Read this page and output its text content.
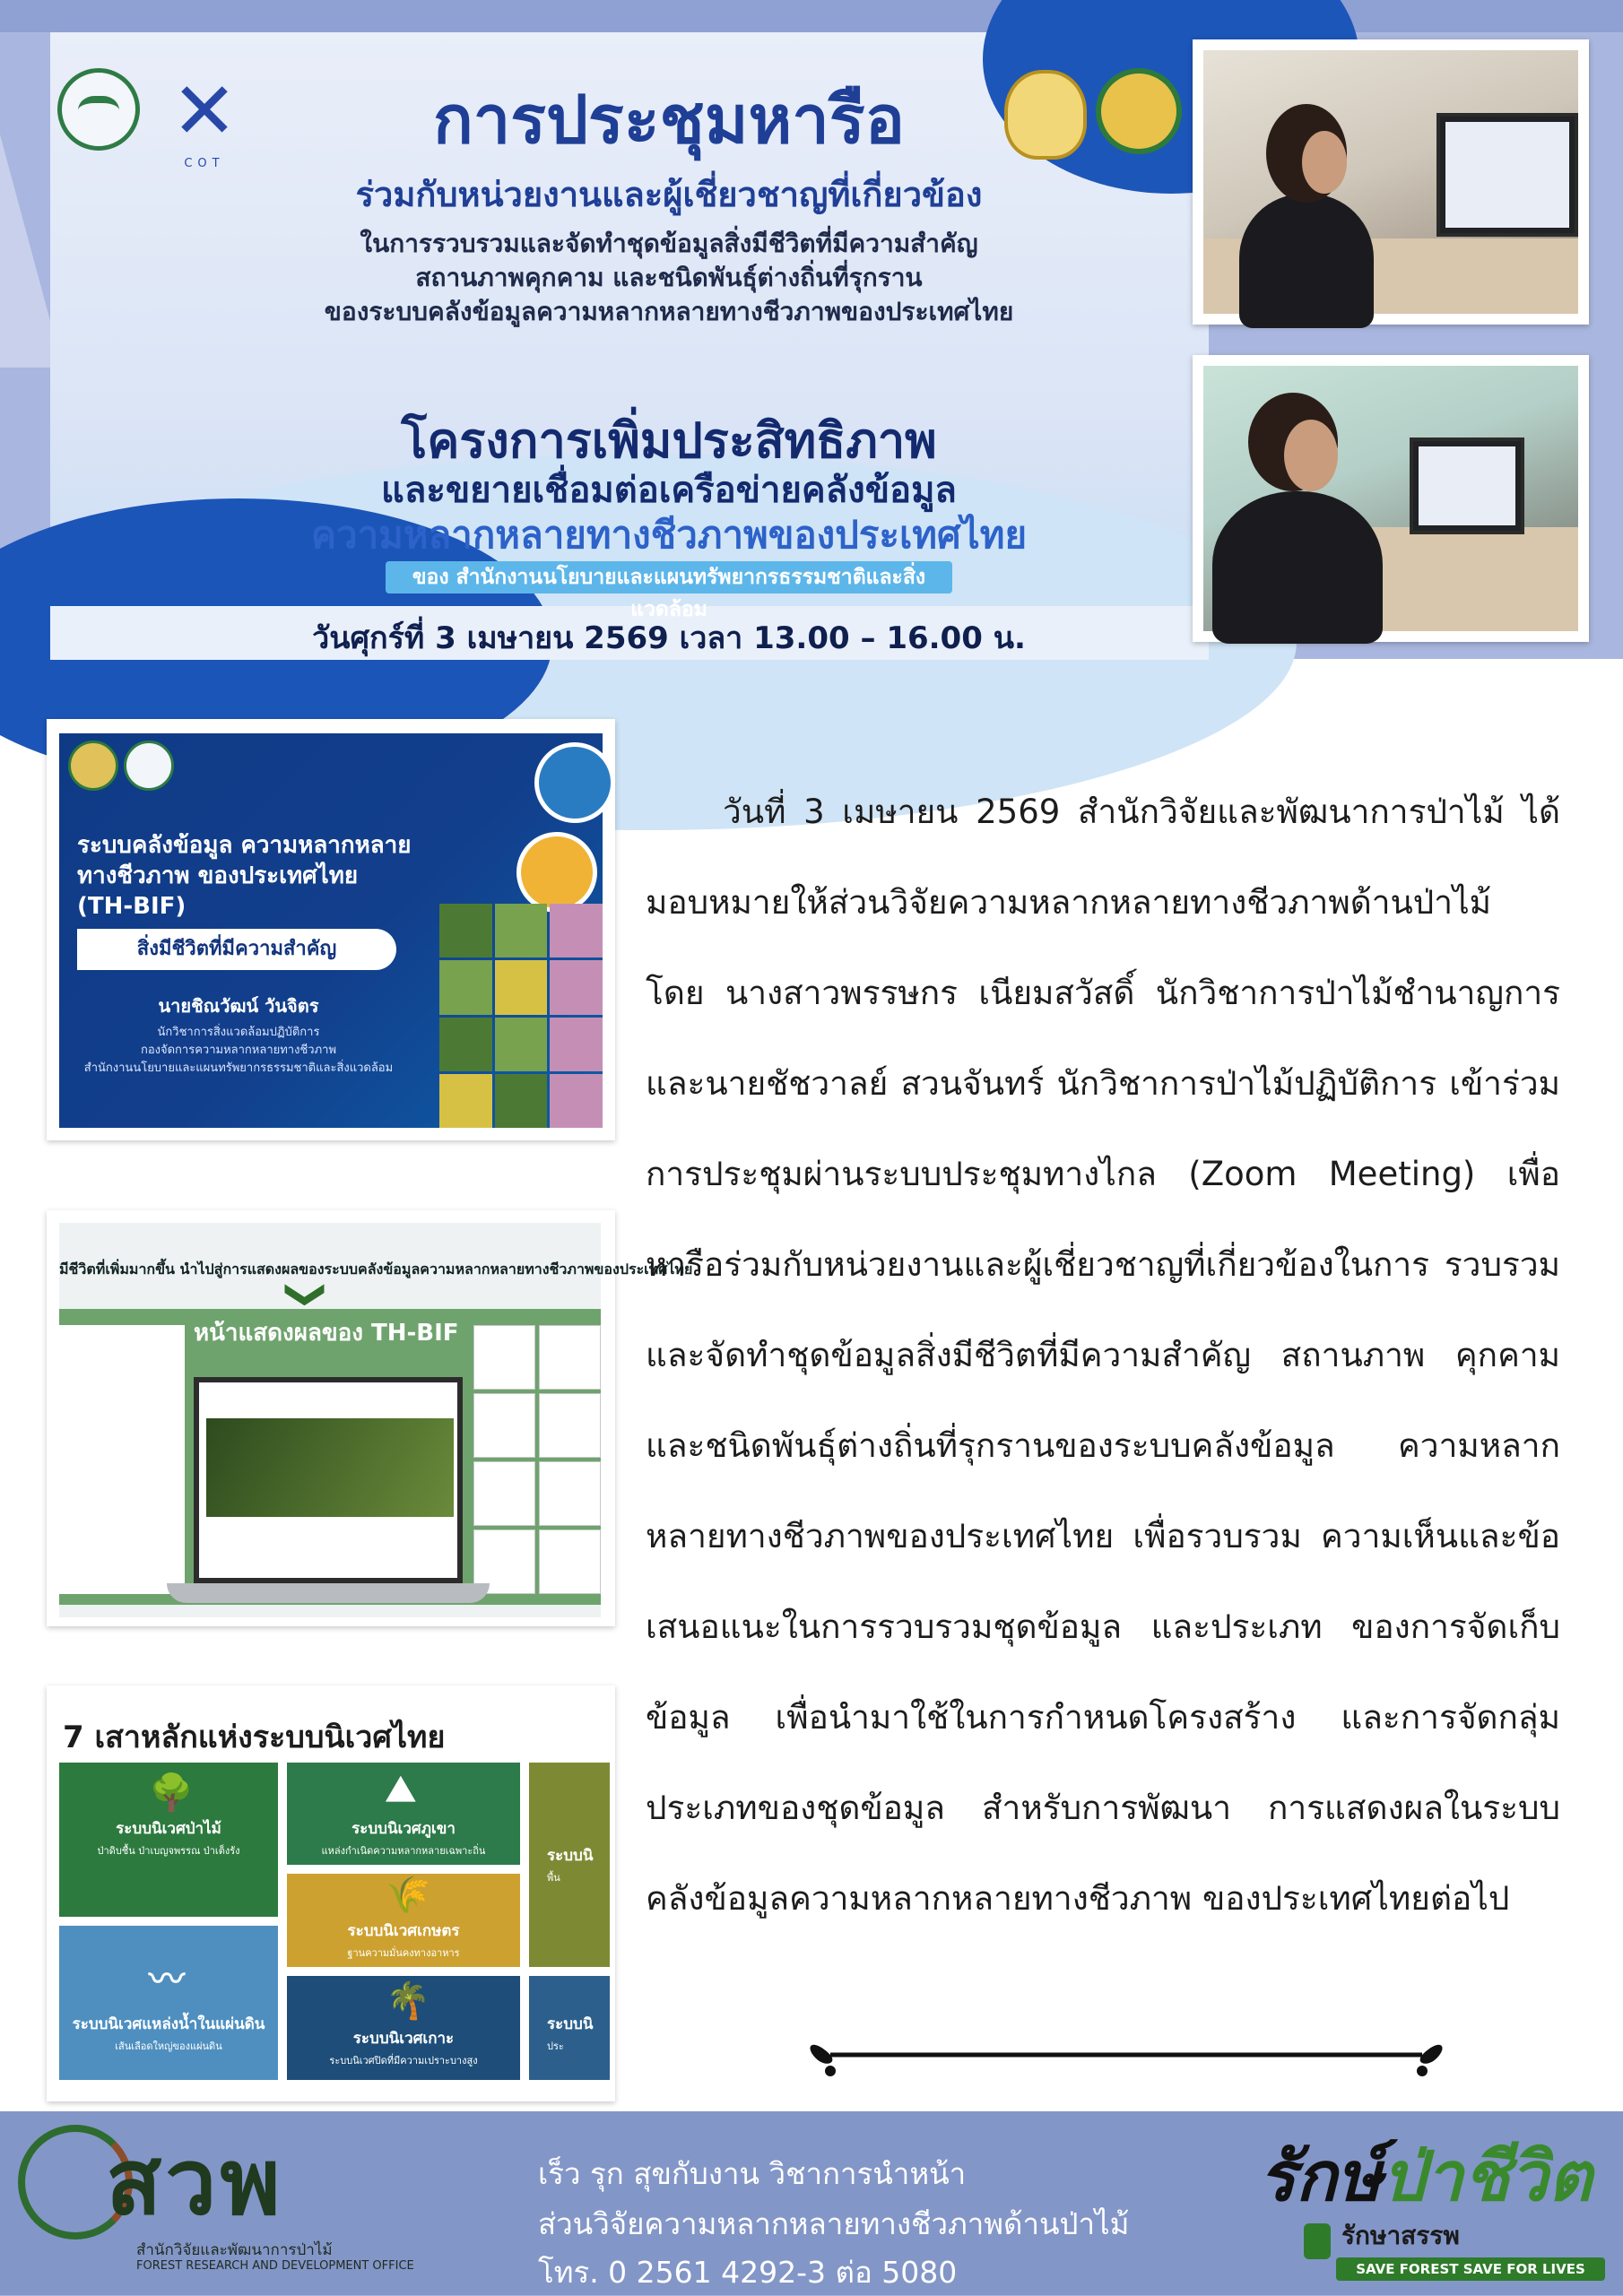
✕
COT
การประชุมหารือ
ร่วมกับหน่วยงานและผู้เชี่ยวชาญที่เกี่ยวข้อง
ในการรวบรวมและจัดทำชุดข้อมูลสิ่งมีชีวิตที่มีความสำคัญ
สถานภาพคุกคาม และชนิดพันธุ์ต่างถิ่นที่รุกราน
ของระบบคลังข้อมูลความหลากหลายทางชีวภาพของประเทศไทย
โครงการเพิ่มประสิทธิภาพ
และขยายเชื่อมต่อเครือข่ายคลังข้อมูล
ความหลากหลายทางชีวภาพของประเทศไทย
ของ สำนักงานนโยบายและแผนทรัพยากรธรรมชาติและสิ่งแวดล้อม
วันศุกร์ที่ 3 เมษายน 2569 เวลา 13.00 – 16.00 น.
ระบบคลังข้อมูล ความหลากหลายทางชีวภาพ ของประเทศไทย (TH-BIF)
สิ่งมีชีวิตที่มีความสำคัญ
นายชิณวัฒน์ วันจิตร
นักวิชาการสิ่งแวดล้อมปฏิบัติการ
กองจัดการความหลากหลายทางชีวภาพ
สำนักงานนโยบายและแผนทรัพยากรธรรมชาติและสิ่งแวดล้อม
มีชีวิตที่เพิ่มมากขึ้น นำไปสู่การแสดงผลของระบบคลังข้อมูลความหลากหลายทางชีวภาพของประเทศไทย
❯
หน้าแสดงผลของ TH-BIF
7 เสาหลักแห่งระบบนิเวศไทย
🌳
ระบบนิเวศป่าไม้
ป่าดิบชื้น ป่าเบญจพรรณ ป่าเต็งรัง
⛰
ระบบนิเวศภูเขา
แหล่งกำเนิดความหลากหลายเฉพาะถิ่น
🌾
ระบบนิเวศเกษตร
ฐานความมั่นคงทางอาหาร
〰
ระบบนิเวศแหล่งน้ำในแผ่นดิน
เส้นเลือดใหญ่ของแผ่นดิน
🌴
ระบบนิเวศเกาะ
ระบบนิเวศปิดที่มีความเปราะบางสูง
ระบบนิ
พื้น
ระบบนิ
ประ

วันที่ 3 เมษายน 2569 สำนักวิจัยและพัฒนาการป่าไม้ ได้มอบหมายให้ส่วนวิจัยความหลากหลายทางชีวภาพด้านป่าไม้ โดย นางสาวพรรษกร เนียมสวัสดิ์ นักวิชาการป่าไม้ชำนาญการ และนายชัชวาลย์ สวนจันทร์ นักวิชาการป่าไม้ปฏิบัติการ เข้าร่วมการประชุมผ่านระบบประชุมทางไกล (Zoom Meeting) เพื่อหารือร่วมกับหน่วยงานและผู้เชี่ยวชาญที่เกี่ยวข้องในการ รวบรวมและจัดทำชุดข้อมูลสิ่งมีชีวิตที่มีความสำคัญ สถานภาพ คุกคาม และชนิดพันธุ์ต่างถิ่นที่รุกรานของระบบคลังข้อมูล ความหลากหลายทางชีวภาพของประเทศไทย เพื่อรวบรวม ความเห็นและข้อเสนอแนะในการรวบรวมชุดข้อมูล และประเภท ของการจัดเก็บข้อมูล เพื่อนำมาใช้ในการกำหนดโครงสร้าง และการจัดกลุ่มประเภทของชุดข้อมูล สำหรับการพัฒนา การแสดงผลในระบบคลังข้อมูลความหลากหลายทางชีวภาพ ของประเทศไทยต่อไป

สวพ
สำนักวิจัยและพัฒนาการป่าไม้
FOREST RESEARCH AND DEVELOPMENT OFFICE
เร็ว รุก สุขกับงาน วิชาการนำหน้า
ส่วนวิจัยความหลากหลายทางชีวภาพด้านป่าไม้
โทร. 0 2561 4292-3 ต่อ 5080
รักษ์ป่าชีวิต
รักษาสรรพ
SAVE FOREST SAVE FOR LIVES
